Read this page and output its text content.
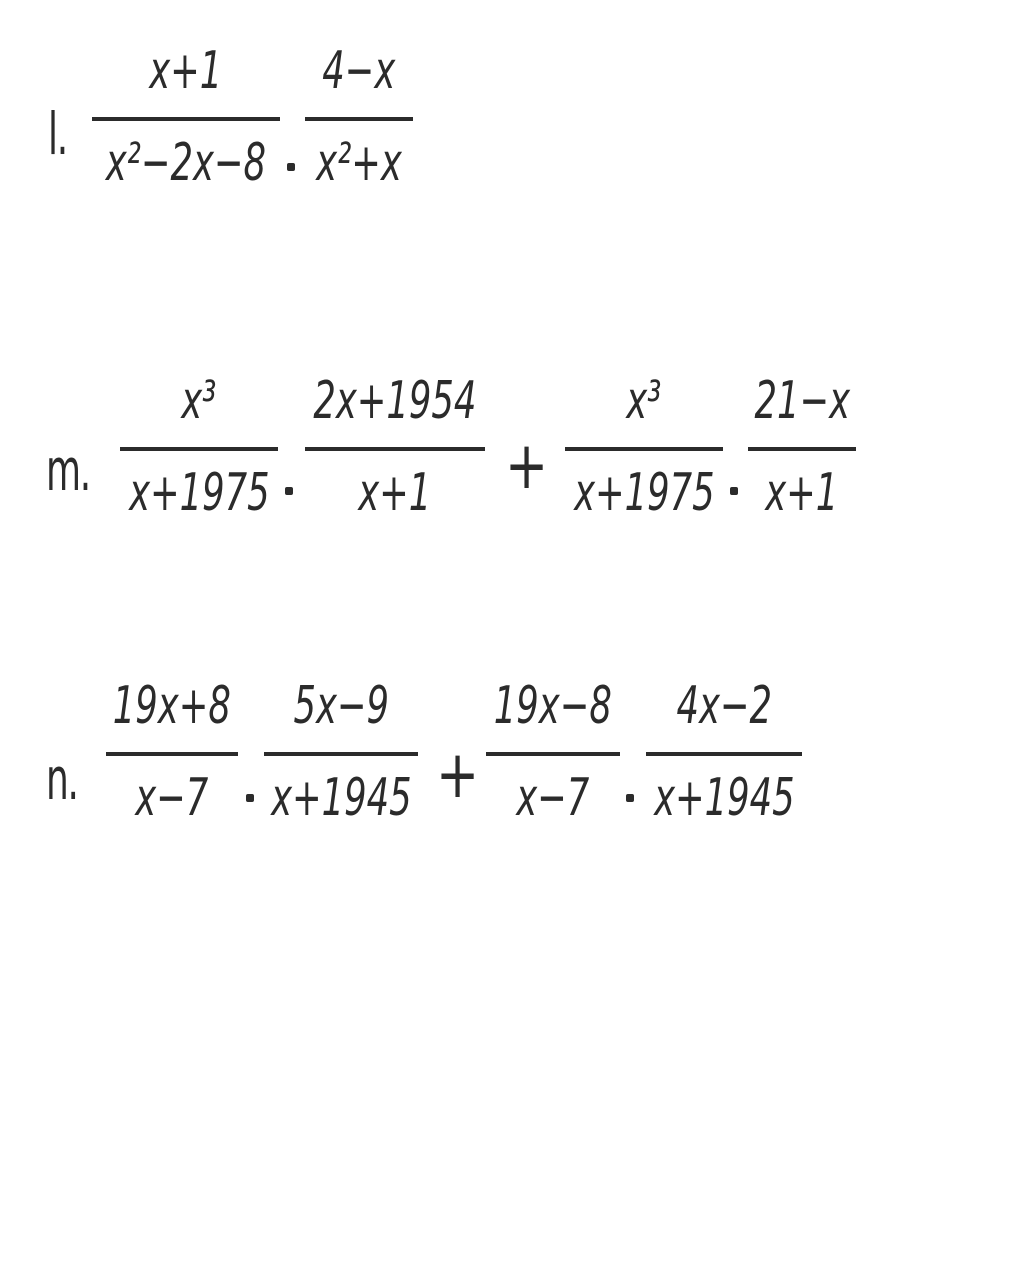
l.
x+1
x²−2x−8
4−x
x²+x
m.
x³
x+1975
2x+1954
x+1 +
x³
x+1975
21−x
x+1
n.
19x+8
x−7
5x−9
x+1945 +
19x−8
x−7
4x−2
x+1945
